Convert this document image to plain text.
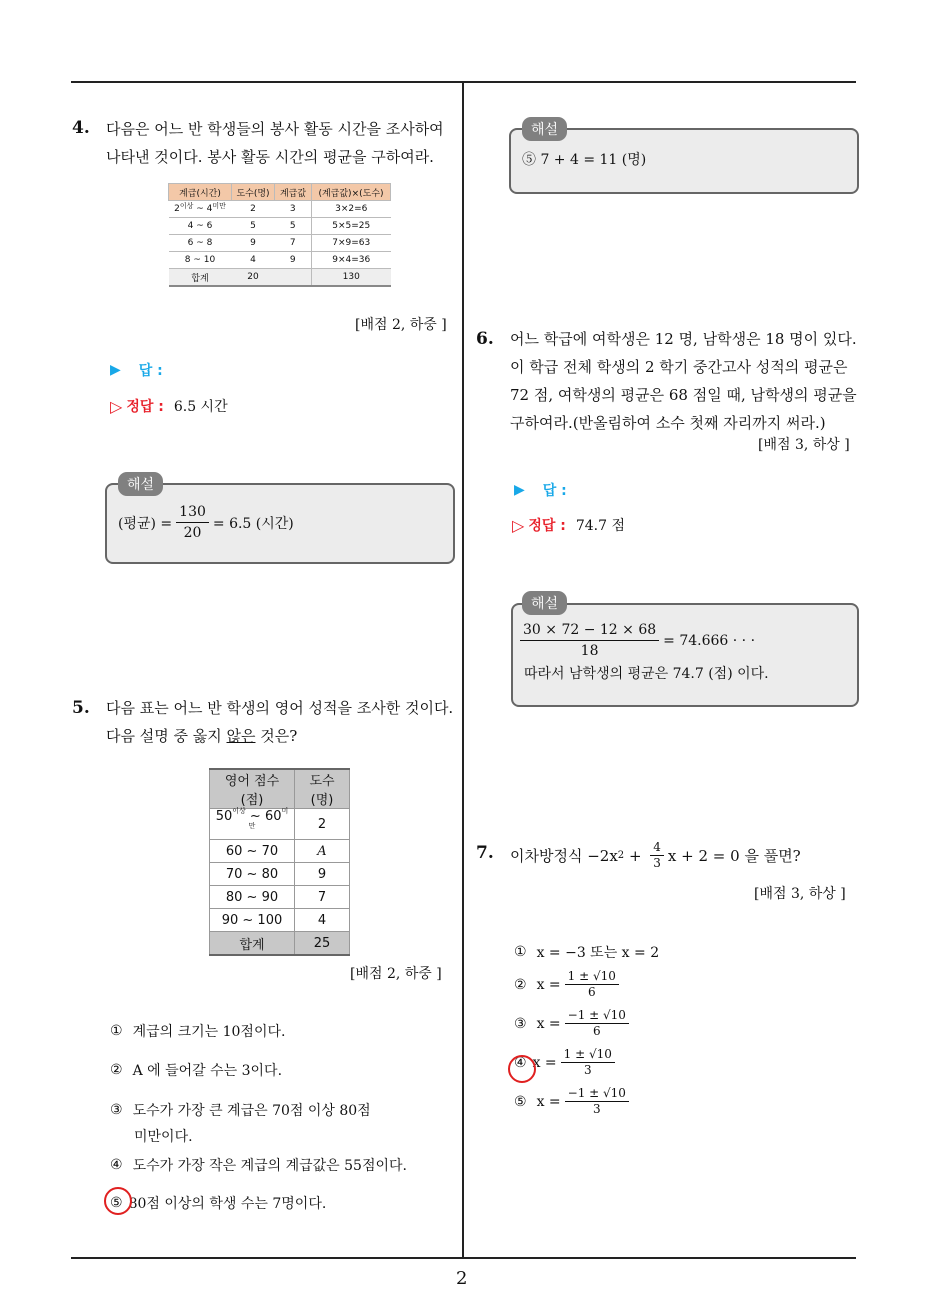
2
4. 다음은 어느 반 학생들의 봉사 활동 시간을 조사하여
나타낸 것이다. 봉사 활동 시간의 평균을 구하여라.
계급(시간)	도수(명)	계급값	(계급값)×(도수)
$2^{이상}$ ~ $4^{미만}$	2	3	3×2=6
4 ~ 6	5	5	5×5=25
6 ~ 8	9	7	7×9=63
8 ~ 10	4	9	9×4=36
합계	20		130
[배점 2, 하중 ]
▶ 답 :
▷ 정답 : 6.5 시간
해설
(평균) = $\frac{130}{20} = 6.5$ (시간)
5. 다음 표는 어느 반 학생의 영어 성적을 조사한 것이다.
다음 설명 중 옳지 않은 것은?
영어 점수(점)	도수(명)
$50^{이상}$ ~ $60^{미만}$	2
60 ~ 70	A
70 ~ 80	9
80 ~ 90	7
90 ~ 100	4
합계	25
[배점 2, 하중 ]
① 계급의 크기는 10점이다.
② A 에 들어갈 수는 3이다.
③ 도수가 가장 큰 계급은 70점 이상 80점
미만이다.
④ 도수가 가장 작은 계급의 계급값은 55점이다.
⑤ 80점 이상의 학생 수는 7명이다.
해설
⑤ 7 + 4 = 11 (명)
6. 어느 학급에 여학생은 12 명, 남학생은 18 명이 있다.
이 학급 전체 학생의 2 학기 중간고사 성적의 평균은
72 점, 여학생의 평균은 68 점일 때, 남학생의 평균을
구하여라.(반올림하여 소수 첫째 자리까지 써라.)
[배점 3, 하상 ]
▶ 답 :
▷ 정답 : 74.7 점
해설
$\frac{30 \times 72 - 12 \times 68}{18} = 74.666$ · · ·
따라서 남학생의 평균은 74.7 (점) 이다.
7. 이차방정식 −2x $2 + \frac{4}{3}$ x + 2 = 0 을 풀면?
[배점 3, 하상 ]
① x = −3 또는 x = 2
② $x = \frac{1 \pm √10}{6}$
③ $x = \frac{-1 \pm √10}{6}$
④ $x = \frac{1 \pm √10}{3}$
⑤ $x = \frac{-1 \pm √10}{3}$
